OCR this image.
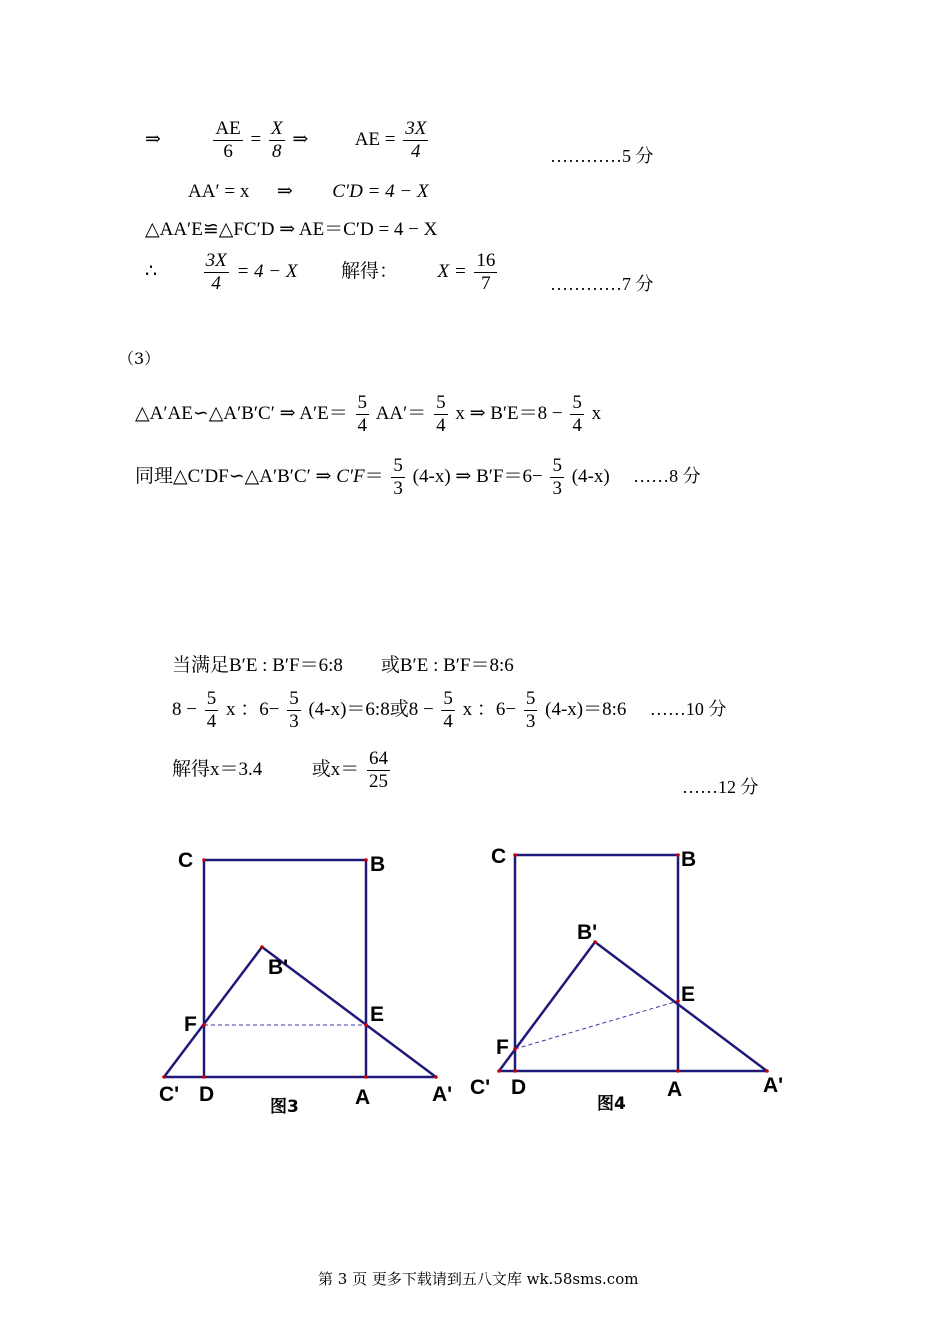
⇒	$\frac{AE}{6} = \frac{X}{8}$ ⇒ AE = $\frac{3X}{4}$	…………5 分
AA′ = x ⇒ C′D = 4 − X
△AA′E≌△FC′D ⇒ AE＝C′D = 4 − X
∴ $\frac{3X}{4} = 4 - X$ 解得： $X = \frac{16}{7}$	…………7 分
（3）
△A′AE∽△A′B′C′ ⇒ $A'E= \frac{5}{4} AA'= \frac{5}{4}$ x ⇒ $B'E=8 - \frac{5}{4}$ x
同理△C′DF∽△A′B′C′ ⇒ $C'F= \frac{5}{3} (4-x)$ ⇒ $B'F=6- \frac{5}{3} (4-x)$ ……8 分
当满足B′E : B′F＝6:8　　或B′E : B′F＝8:6
$8 - \frac{5}{4}$ x ：$6- \frac{5}{3}$ (4-x)＝6:8或$8 - \frac{5}{4}$ x ：$6- \frac{5}{3}$ (4-x)＝8:6 ……10 分
解得x＝3.4	或$x= \frac{64}{25}$	……12 分
C	B
B'
E
F
C' D	A	A'
图3
C	B
B'
E
F
C' D	A	A'
图4
第 3 页 更多下载请到五八文库 wk.58sms.com
